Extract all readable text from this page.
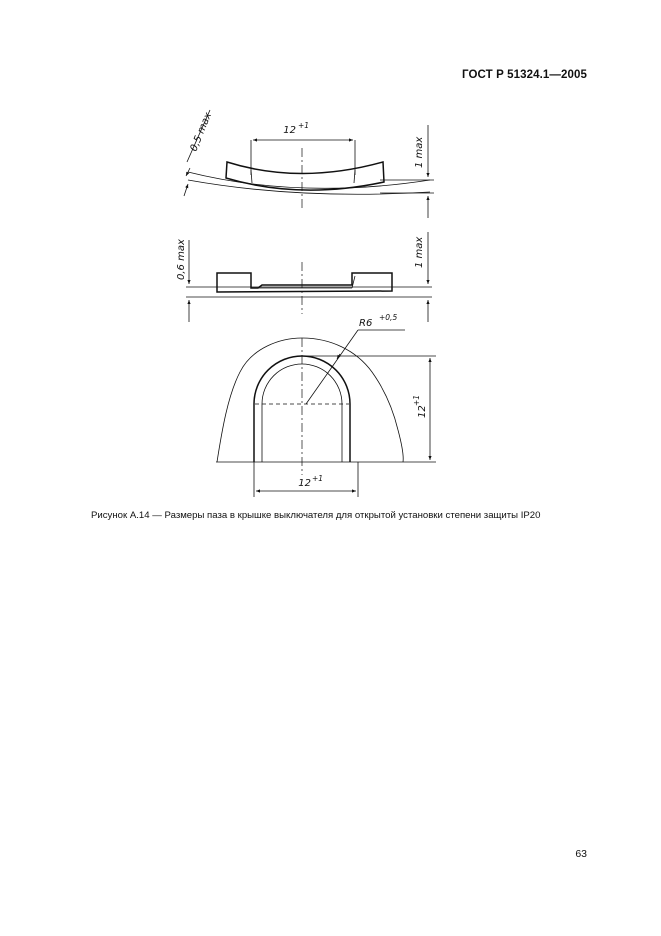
ГОСТ Р 51324.1—2005
12 +1
0,5 max	1 max
0,6 max	1 max
R6
+0,5
12
+1
12 +1
Рисунок А.14 — Размеры паза в крышке выключателя для открытой установки степени защиты IP20
63
